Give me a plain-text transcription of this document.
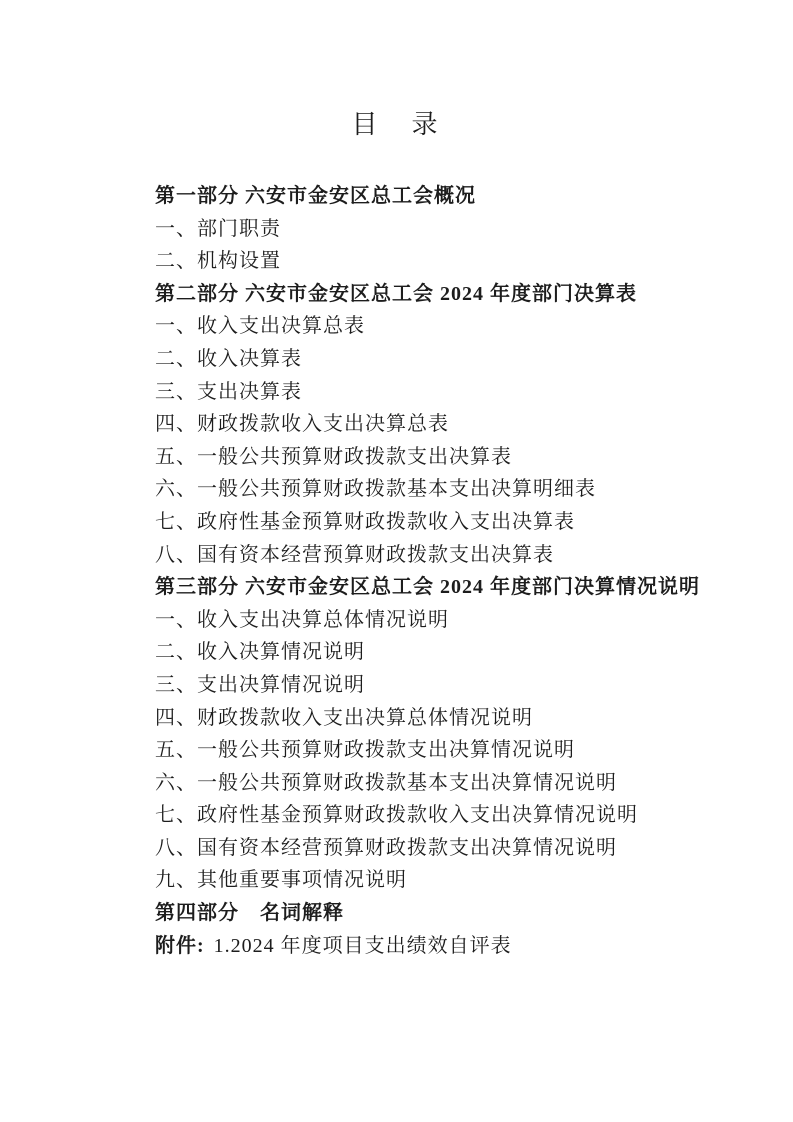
目　录
第一部分 六安市金安区总工会概况
一、部门职责
二、机构设置
第二部分 六安市金安区总工会 2024 年度部门决算表
一、收入支出决算总表
二、收入决算表
三、支出决算表
四、财政拨款收入支出决算总表
五、一般公共预算财政拨款支出决算表
六、一般公共预算财政拨款基本支出决算明细表
七、政府性基金预算财政拨款收入支出决算表
八、国有资本经营预算财政拨款支出决算表
第三部分 六安市金安区总工会 2024 年度部门决算情况说明
一、收入支出决算总体情况说明
二、收入决算情况说明
三、支出决算情况说明
四、财政拨款收入支出决算总体情况说明
五、一般公共预算财政拨款支出决算情况说明
六、一般公共预算财政拨款基本支出决算情况说明
七、政府性基金预算财政拨款收入支出决算情况说明
八、国有资本经营预算财政拨款支出决算情况说明
九、其他重要事项情况说明
第四部分　名词解释
附件: 1.2024 年度项目支出绩效自评表
